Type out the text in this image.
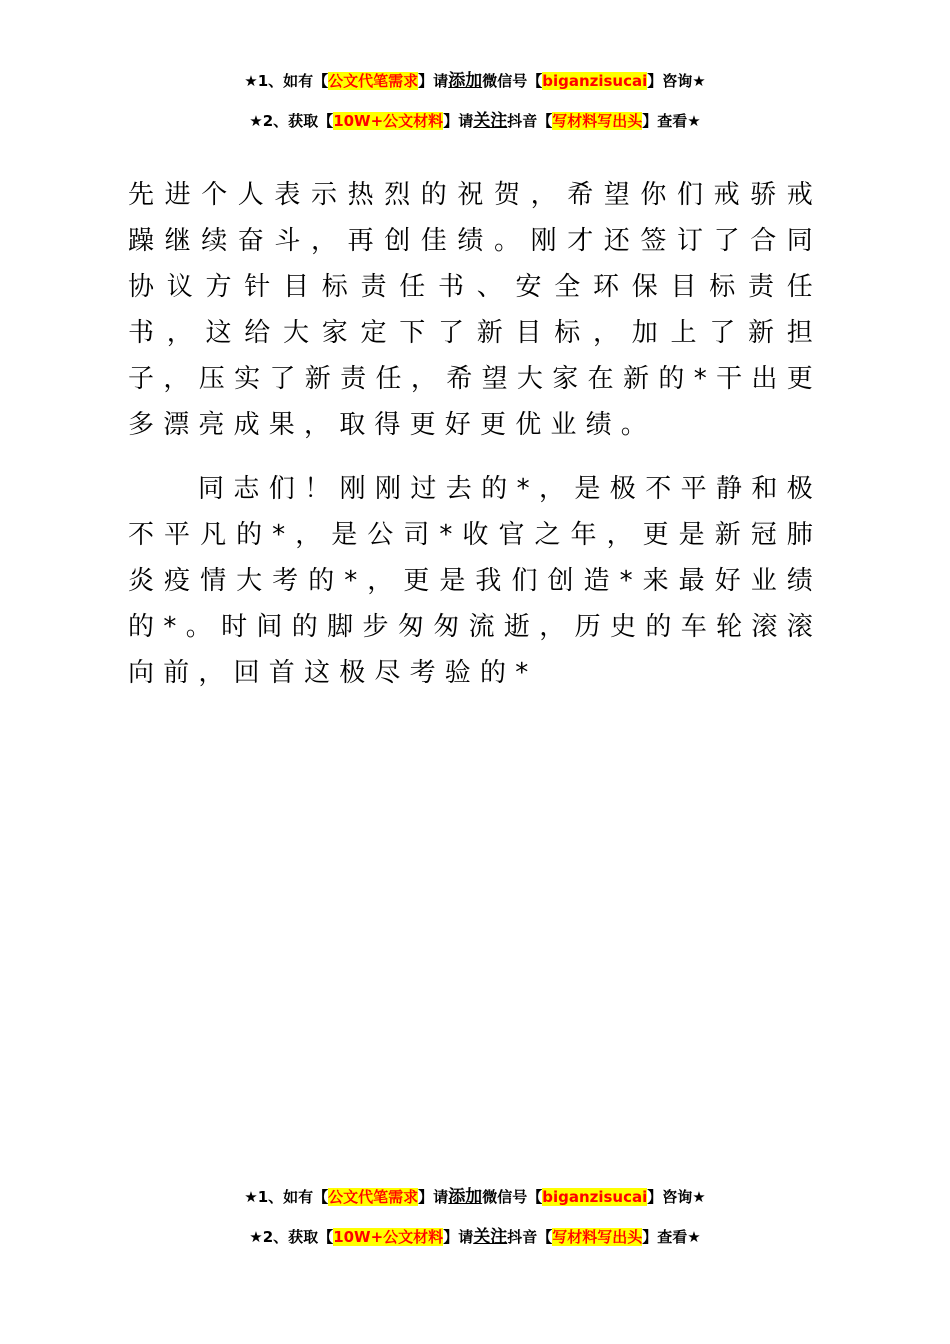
★1、如有【公文代笔需求】请添加微信号【biganzisucai】咨询★
★2、获取【10W+公文材料】请关注抖音【写材料写出头】查看★

先进个人表示热烈的祝贺，希望你们戒骄戒躁继续奋斗，再创佳绩。刚才还签订了合同协议方针目标责任书、安全环保目标责任书，这给大家定下了新目标，加上了新担子，压实了新责任，希望大家在新的*干出更多漂亮成果，取得更好更优业绩。

同志们！刚刚过去的*，是极不平静和极不平凡的*，是公司*收官之年，更是新冠肺炎疫情大考的*，更是我们创造*来最好业绩的*。时间的脚步匆匆流逝，历史的车轮滚滚向前，回首这极尽考验的*

★1、如有【公文代笔需求】请添加微信号【biganzisucai】咨询★
★2、获取【10W+公文材料】请关注抖音【写材料写出头】查看★
